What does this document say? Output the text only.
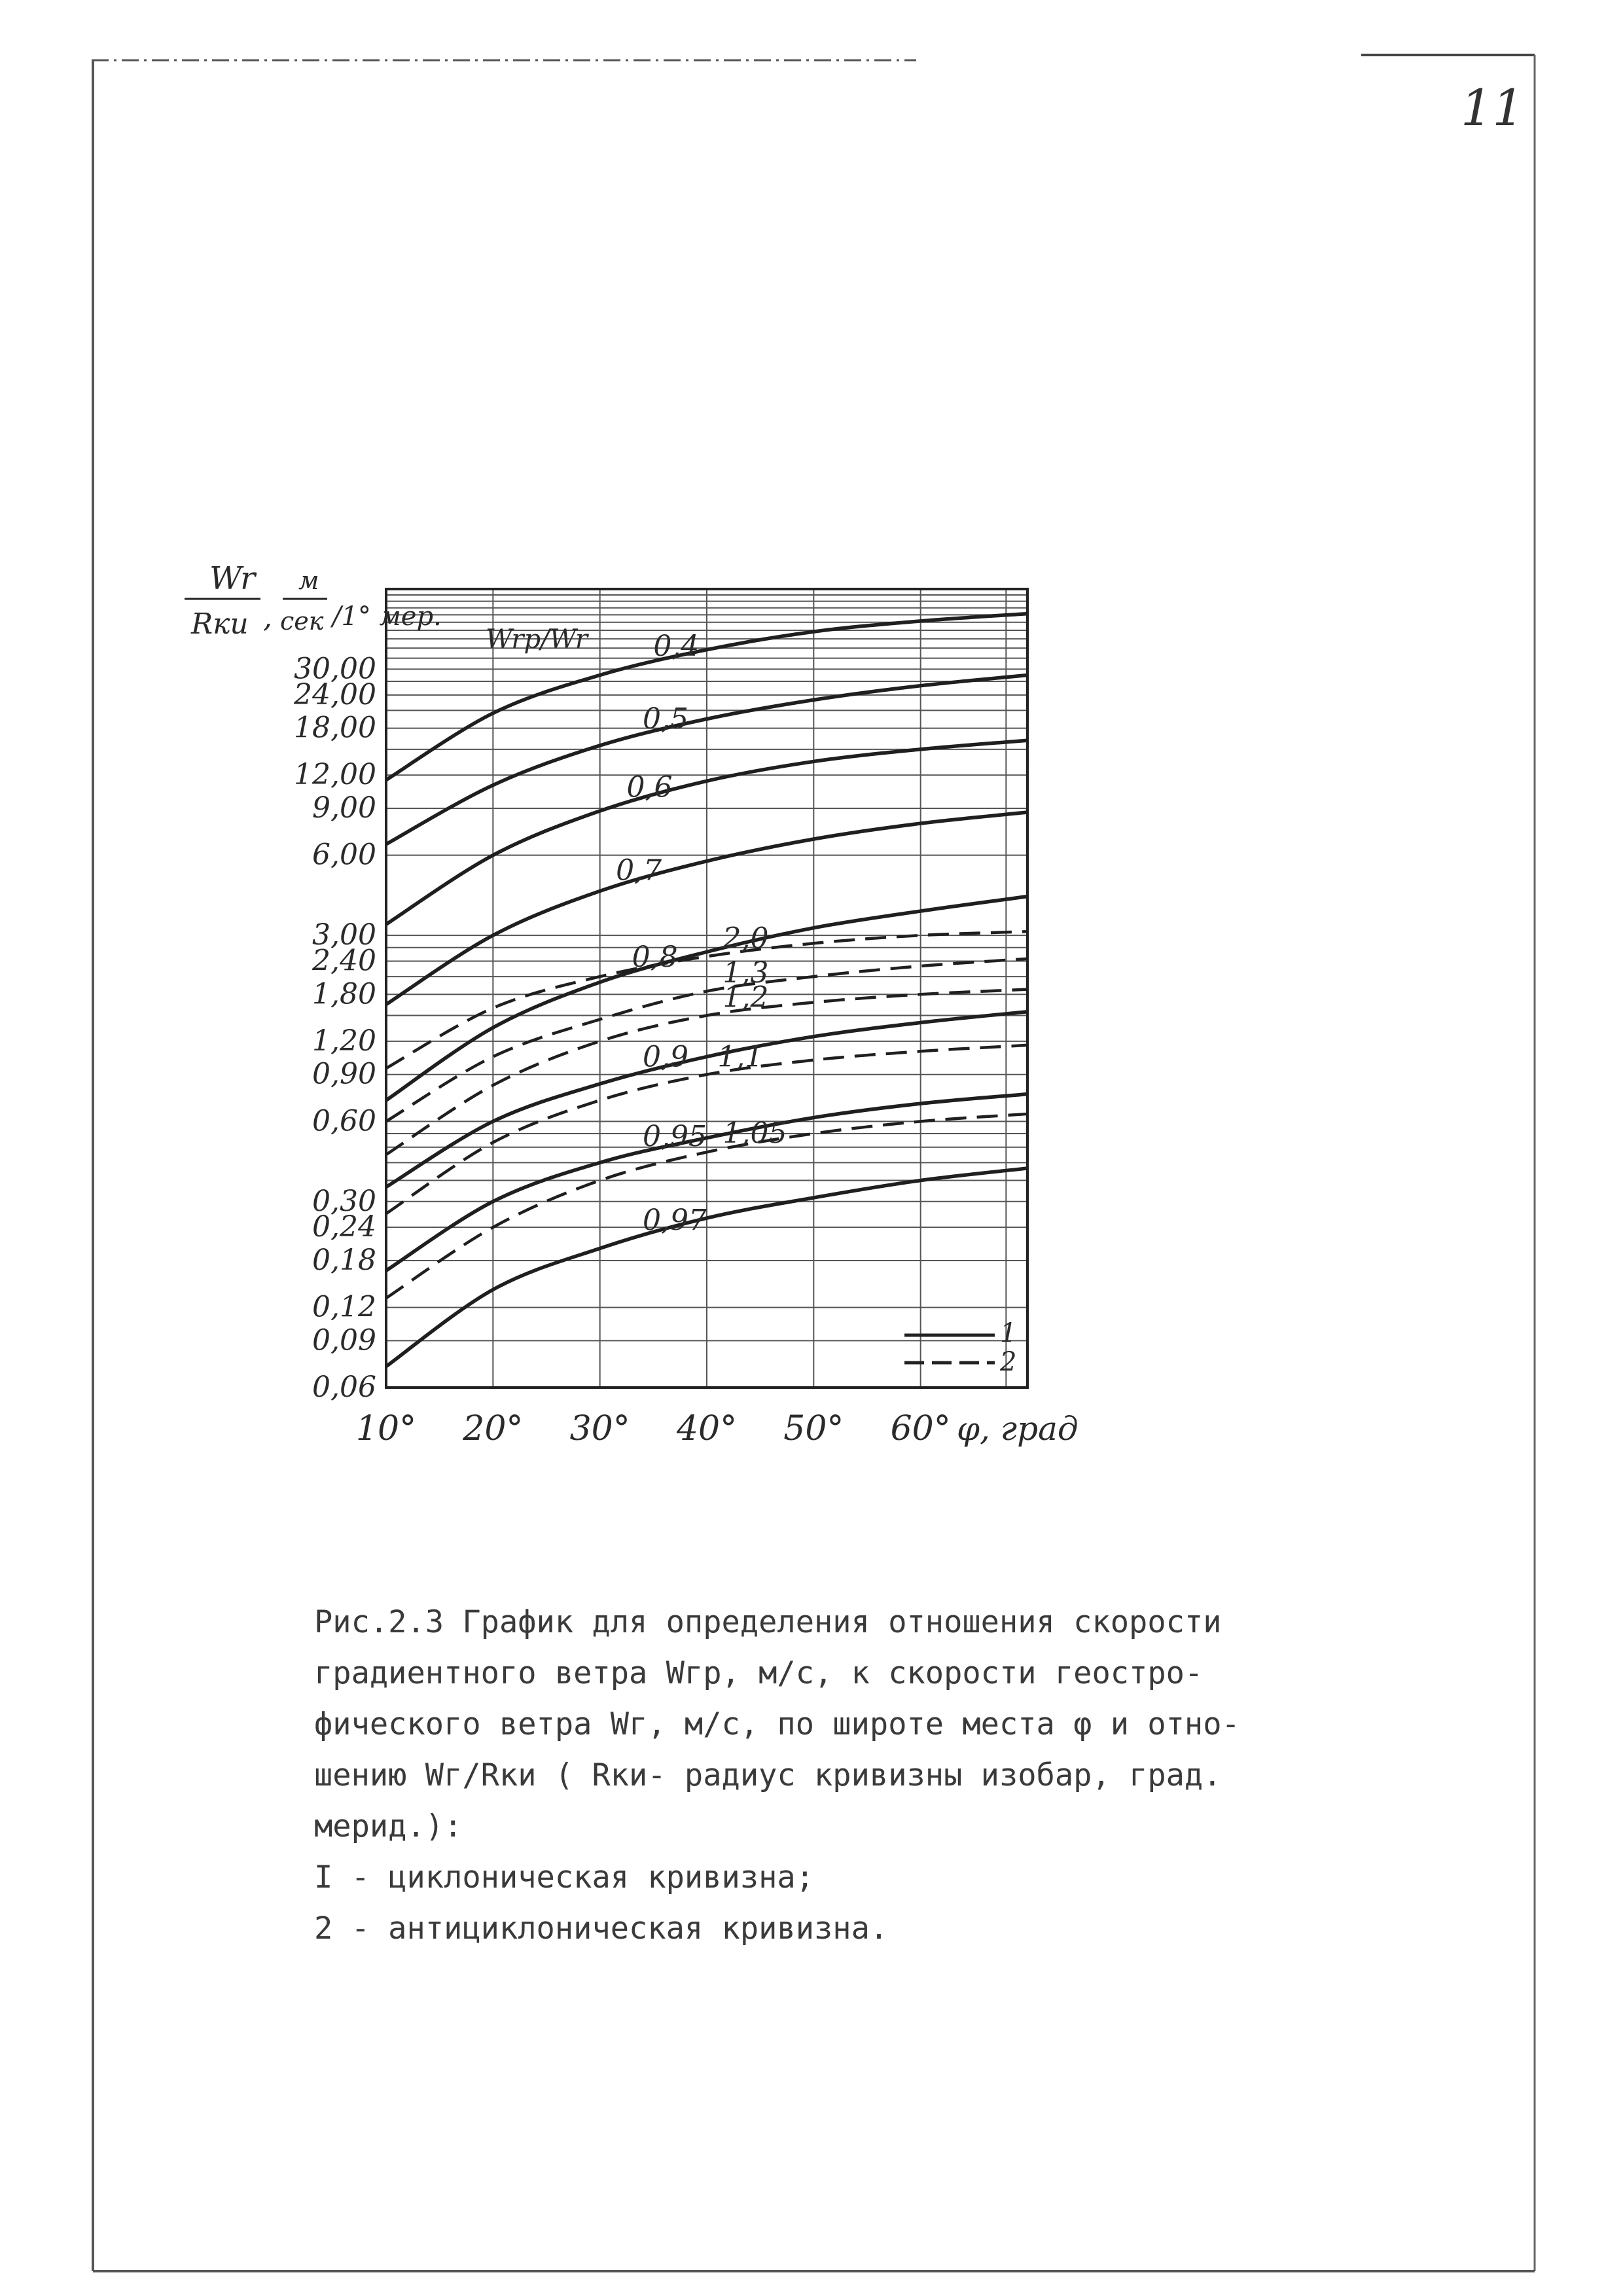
11
0,4
0,5
0,6
0,7
0,8
0,9
0,95
0,97
2,0
1,3
1,2
1,1
1,05
30,00
24,00
18,00
12,00
9,00
6,00
3,00
2,40
1,80
1,20
0,90
0,60
0,30
0,24
0,18
0,12
0,09
0,06
10° 20° 30° 40° 50° 60°
Wr
Rки ,
м
сек /1° мер.
Wrp/Wr
φ, град
1
2

Рис.2.3 График для определения отношения скорости

градиентного ветра Wгр, м/с, к скорости геостро-

фического ветра Wг, м/с, по широте места φ и отно-

шению Wг/Rки ( Rки- радиус кривизны изобар, град.

мерид.):

I - циклоническая кривизна;

2 - антициклоническая кривизна.
